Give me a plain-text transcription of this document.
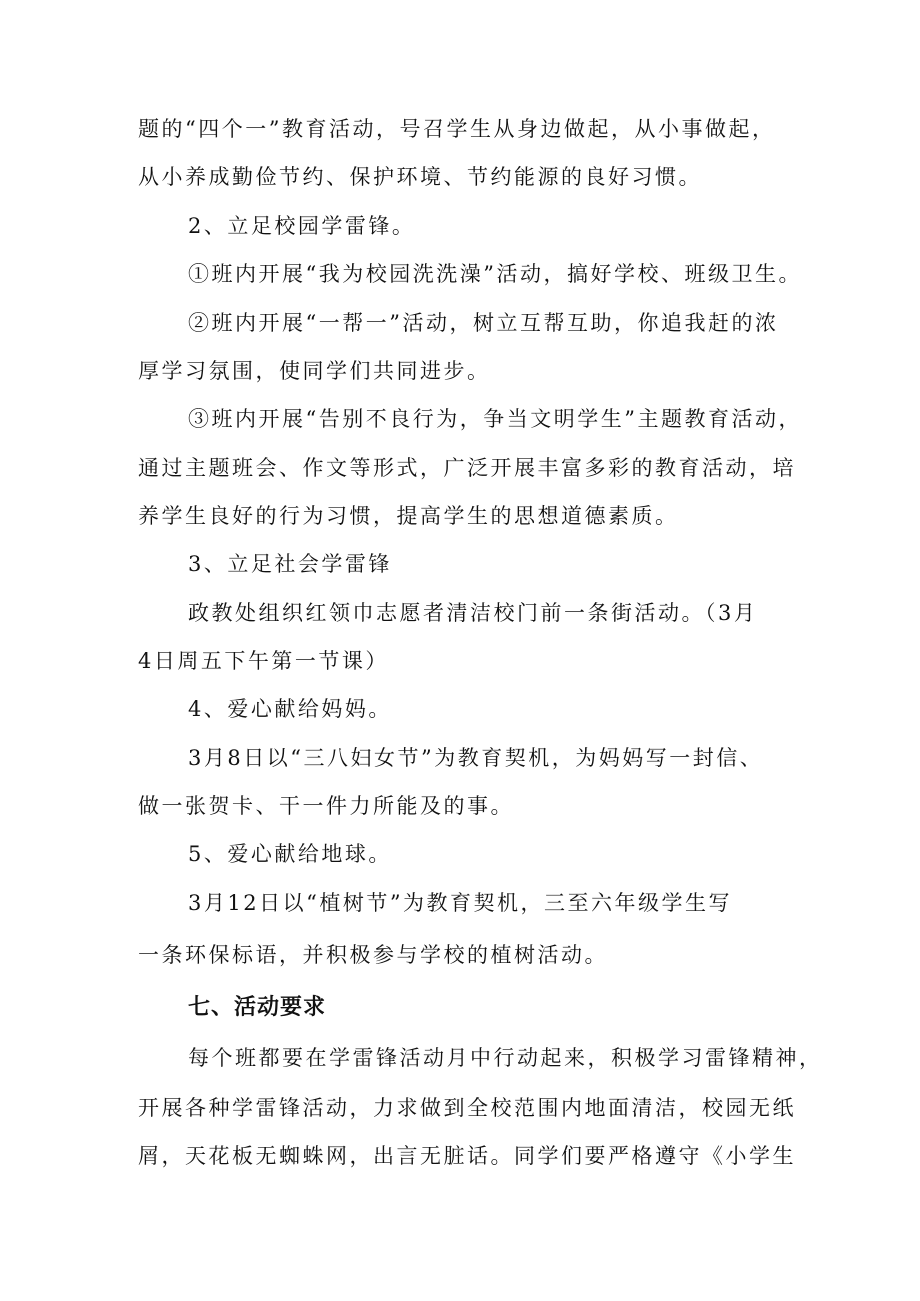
题的“四个一”教育活动，号召学生从身边做起，从小事做起，
从小养成勤俭节约、保护环境、节约能源的良好习惯。
2、立足校园学雷锋。
①班内开展“我为校园洗洗澡”活动，搞好学校、班级卫生。
②班内开展“一帮一”活动，树立互帮互助，你追我赶的浓
厚学习氛围，使同学们共同进步。
③班内开展“告别不良行为，争当文明学生”主题教育活动，
通过主题班会、作文等形式，广泛开展丰富多彩的教育活动，培
养学生良好的行为习惯，提高学生的思想道德素质。
3、立足社会学雷锋
政教处组织红领巾志愿者清洁校门前一条街活动。（3月
4日周五下午第一节课）
4、爱心献给妈妈。
3月8日以“三八妇女节”为教育契机，为妈妈写一封信、
做一张贺卡、干一件力所能及的事。
5、爱心献给地球。
3月12日以“植树节”为教育契机，三至六年级学生写
一条环保标语，并积极参与学校的植树活动。
七、活动要求
每个班都要在学雷锋活动月中行动起来，积极学习雷锋精神，
开展各种学雷锋活动，力求做到全校范围内地面清洁，校园无纸
屑，天花板无蜘蛛网，出言无脏话。同学们要严格遵守《小学生
